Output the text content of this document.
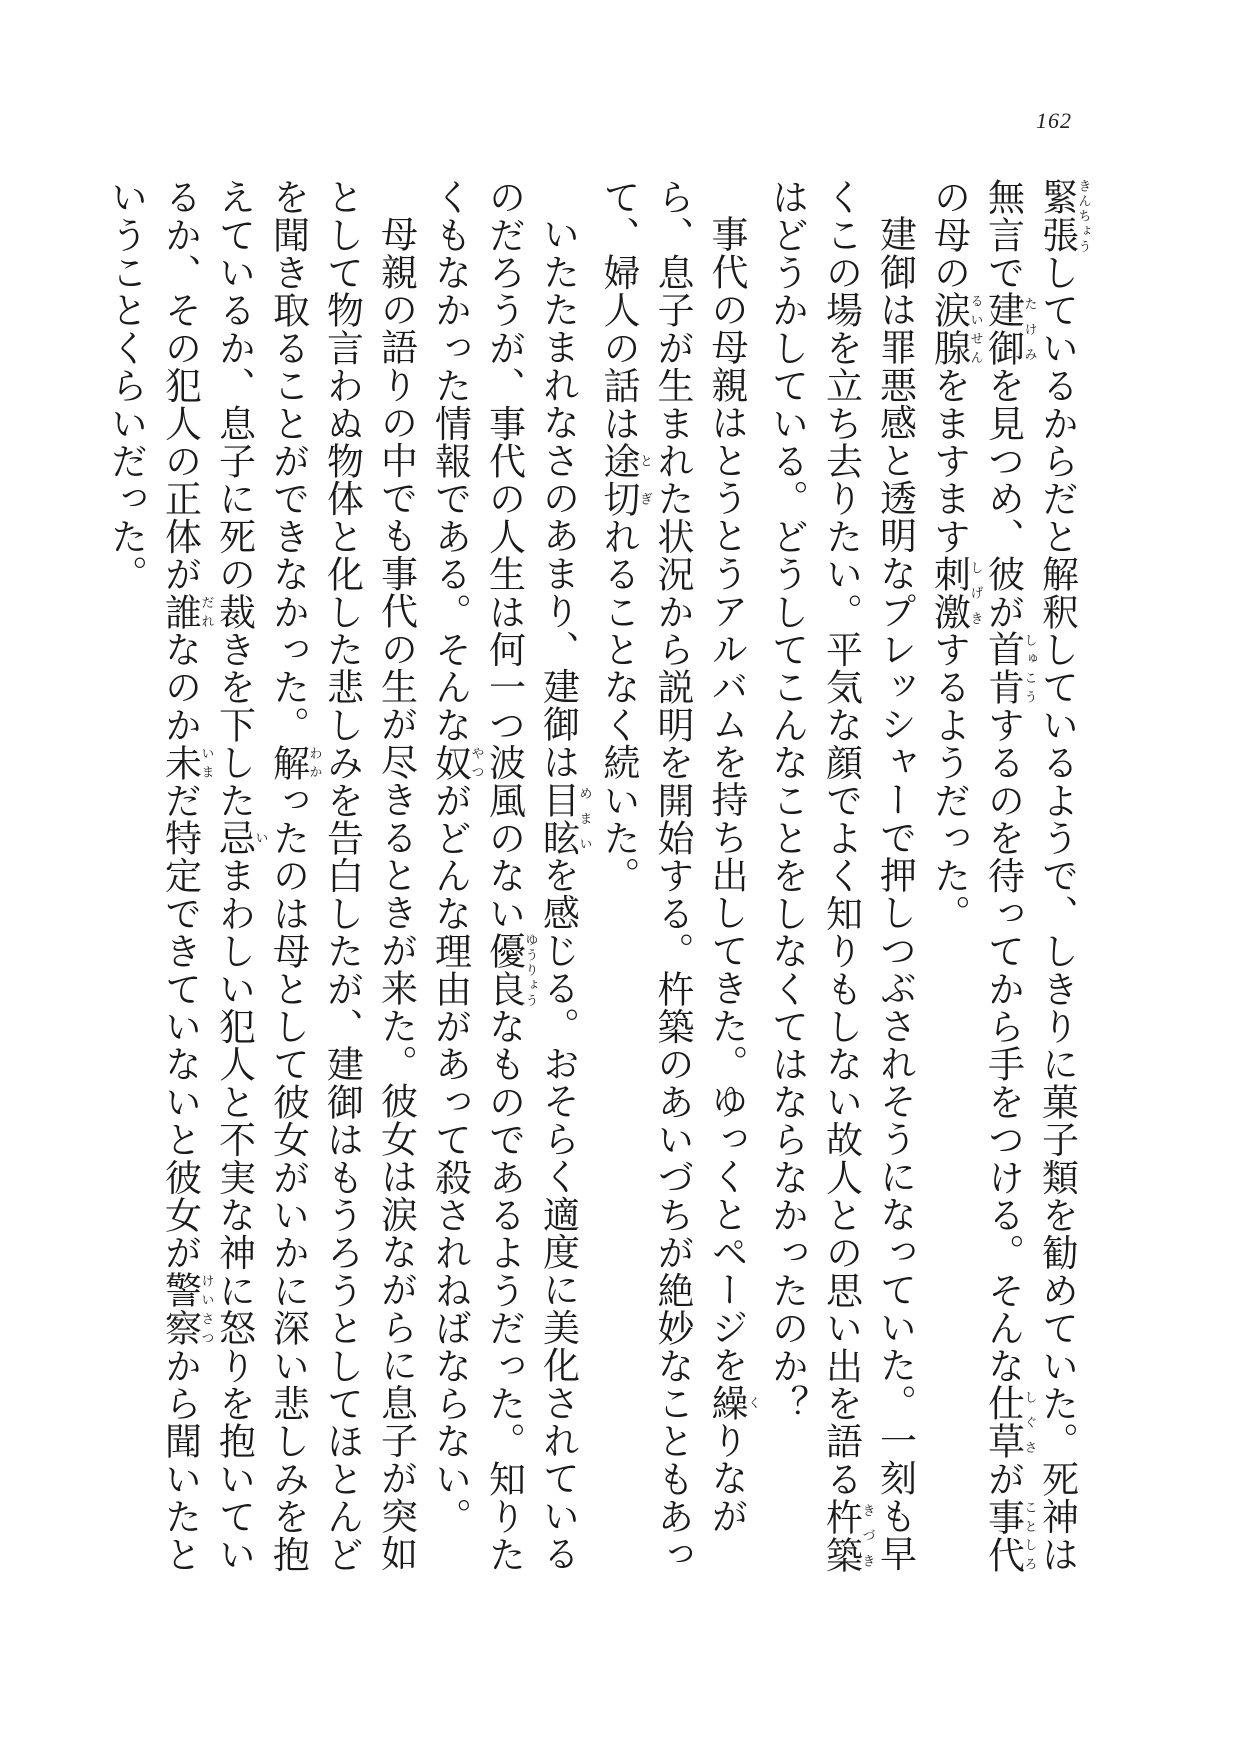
162

緊張きんちょうしているからだと解釈しているようで、しきりに菓子類を勧めていた。死神は無言で建御たけみを見つめ、彼が首肯しゅこうするのを待ってから手をつける。そんな仕草しぐさが事代ことしろの母の涙腺るいせんをますます刺激しげきするようだった。

建御は罪悪感と透明なプレッシャーで押しつぶされそうになっていた。一刻も早くこの場を立ち去りたい。平気な顔でよく知りもしない故人との思い出を語る杵築きづきはどうかしている。どうしてこんなことをしなくてはならなかったのか？

事代の母親はとうとうアルバムを持ち出してきた。ゆっくとページを繰くりながら、息子が生まれた状況から説明を開始する。杵築のあいづちが絶妙なこともあって、婦人の話は途と切ぎれることなく続いた。

いたたまれなさのあまり、建御は目眩めまいを感じる。おそらく適度に美化されているのだろうが、事代の人生は何一つ波風のない優良ゆうりょうなものであるようだった。知りたくもなかった情報である。そんな奴やつがどんな理由があって殺されねばならない。

母親の語りの中でも事代の生が尽きるときが来た。彼女は涙ながらに息子が突如として物言わぬ物体と化した悲しみを告白したが、建御はもうろうとしてほとんどを聞き取ることができなかった。解わかったのは母として彼女がいかに深い悲しみを抱えているか、息子に死の裁きを下した忌いまわしい犯人と不実な神に怒りを抱いているか、その犯人の正体が誰だれなのか未いまだ特定できていないと彼女が警察けいさつから聞いたということくらいだった。
